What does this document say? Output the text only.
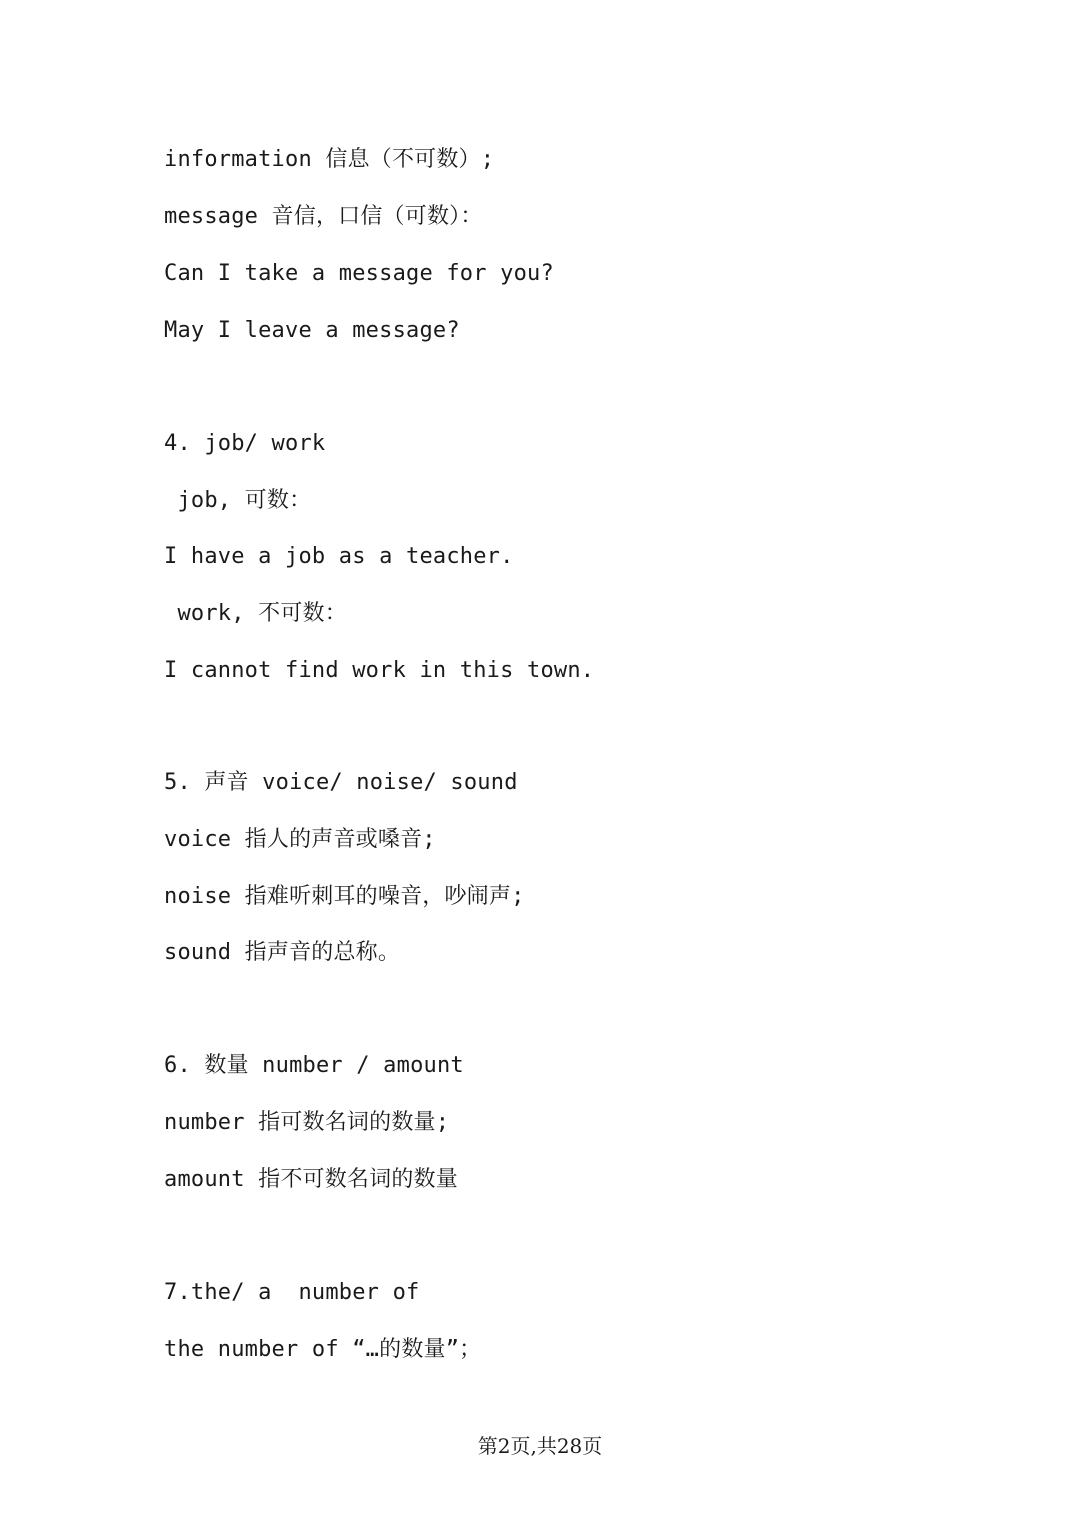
information 信息（不可数）;
message 音信，口信（可数）：
Can I take a message for you?
May I leave a message?
4. job/ work
job, 可数：
I have a job as a teacher.
work, 不可数：
I cannot find work in this town.
5. 声音 voice/ noise/ sound
voice 指人的声音或嗓音;
noise 指难听刺耳的噪音，吵闹声;
sound 指声音的总称。
6. 数量 number / amount
number 指可数名词的数量;
amount 指不可数名词的数量
7.the/ a  number of
the number of “…的数量”；
第2页,共28页
